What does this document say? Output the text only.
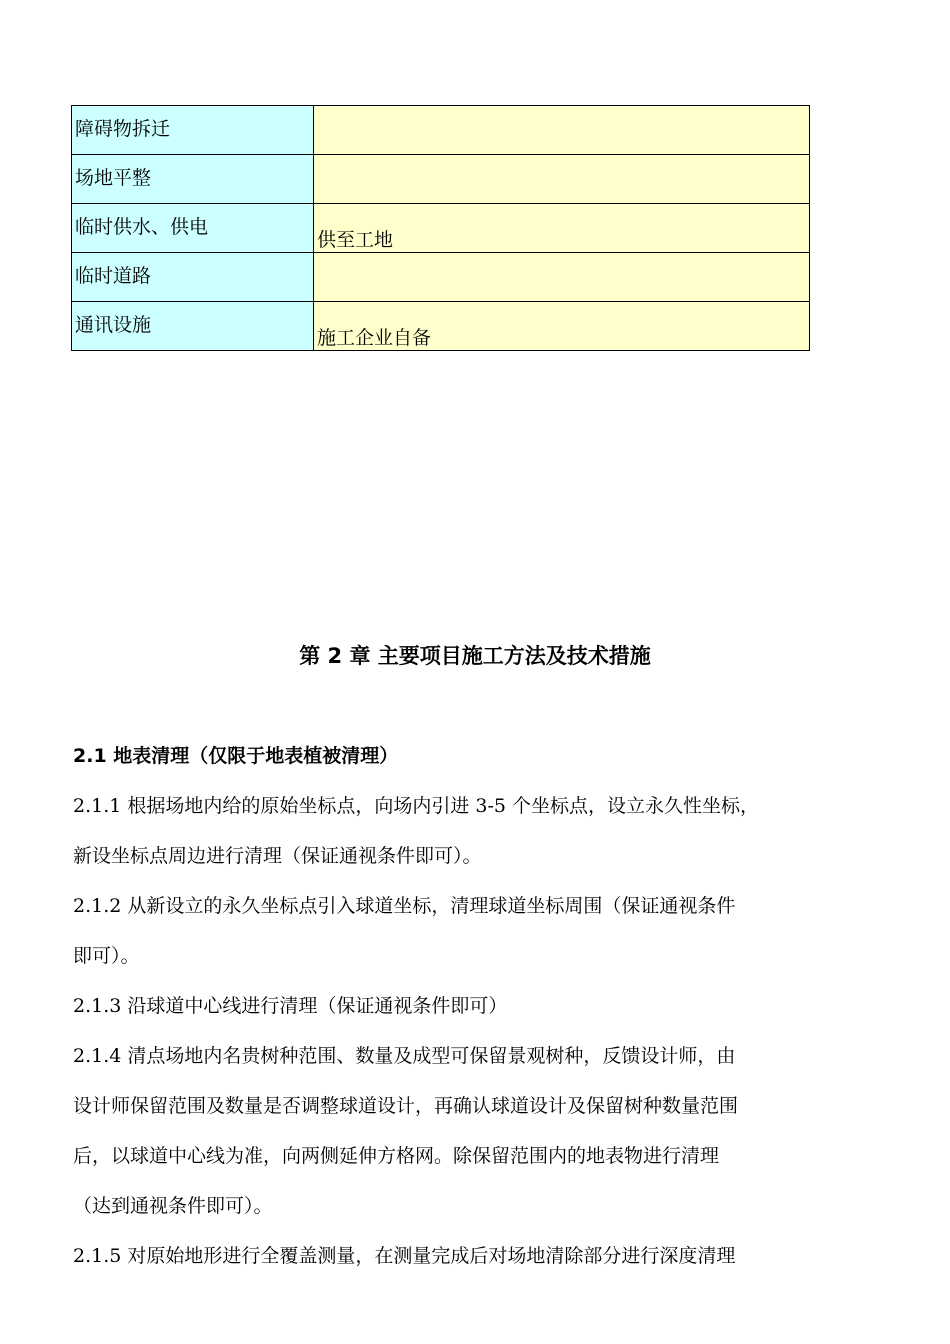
障碍物拆迁	
场地平整	
临时供水、供电	供至工地
临时道路	
通讯设施	施工企业自备
第 2 章 主要项目施工方法及技术措施
2.1 地表清理（仅限于地表植被清理）
2.1.1 根据场地内给的原始坐标点，向场内引进 3-5 个坐标点，设立永久性坐标，
新设坐标点周边进行清理（保证通视条件即可）。
2.1.2 从新设立的永久坐标点引入球道坐标，清理球道坐标周围（保证通视条件
即可）。
2.1.3 沿球道中心线进行清理（保证通视条件即可）
2.1.4 清点场地内名贵树种范围、数量及成型可保留景观树种，反馈设计师，由
设计师保留范围及数量是否调整球道设计，再确认球道设计及保留树种数量范围
后，以球道中心线为准，向两侧延伸方格网。除保留范围内的地表物进行清理
（达到通视条件即可）。
2.1.5 对原始地形进行全覆盖测量，在测量完成后对场地清除部分进行深度清理
